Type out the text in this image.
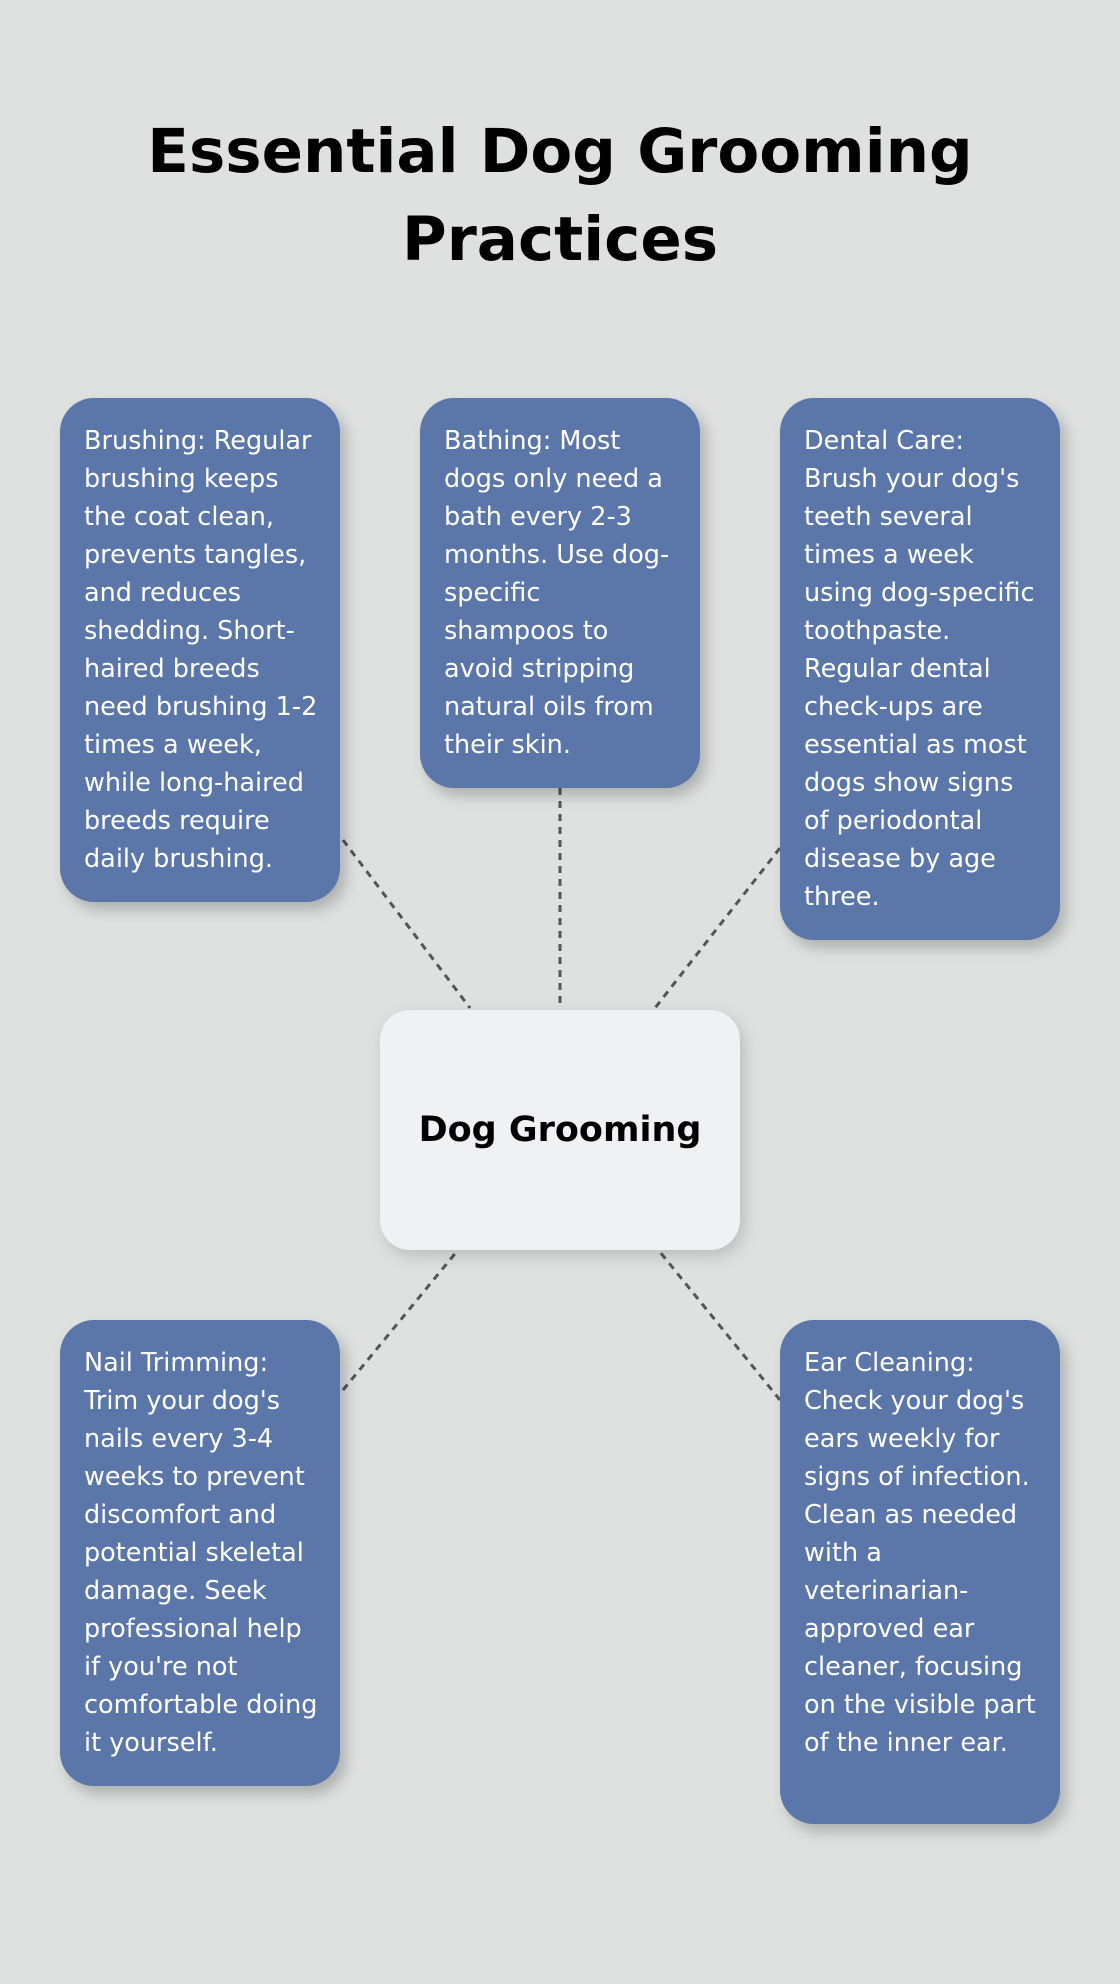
Essential Dog Grooming Practices

Brushing: Regular brushing keeps the coat clean, prevents tangles, and reduces shedding. Short-haired breeds need brushing 1-2 times a week, while long-haired breeds require daily brushing.

Bathing: Most dogs only need a bath every 2-3 months. Use dog-specific shampoos to avoid stripping natural oils from their skin.

Dental Care: Brush your dog's teeth several times a week using dog-specific toothpaste. Regular dental check-ups are essential as most dogs show signs of periodontal disease by age three.

Dog Grooming

Nail Trimming: Trim your dog's nails every 3-4 weeks to prevent discomfort and potential skeletal damage. Seek professional help if you're not comfortable doing it yourself.

Ear Cleaning: Check your dog's ears weekly for signs of infection. Clean as needed with a veterinarian-approved ear cleaner, focusing on the visible part of the inner ear.
